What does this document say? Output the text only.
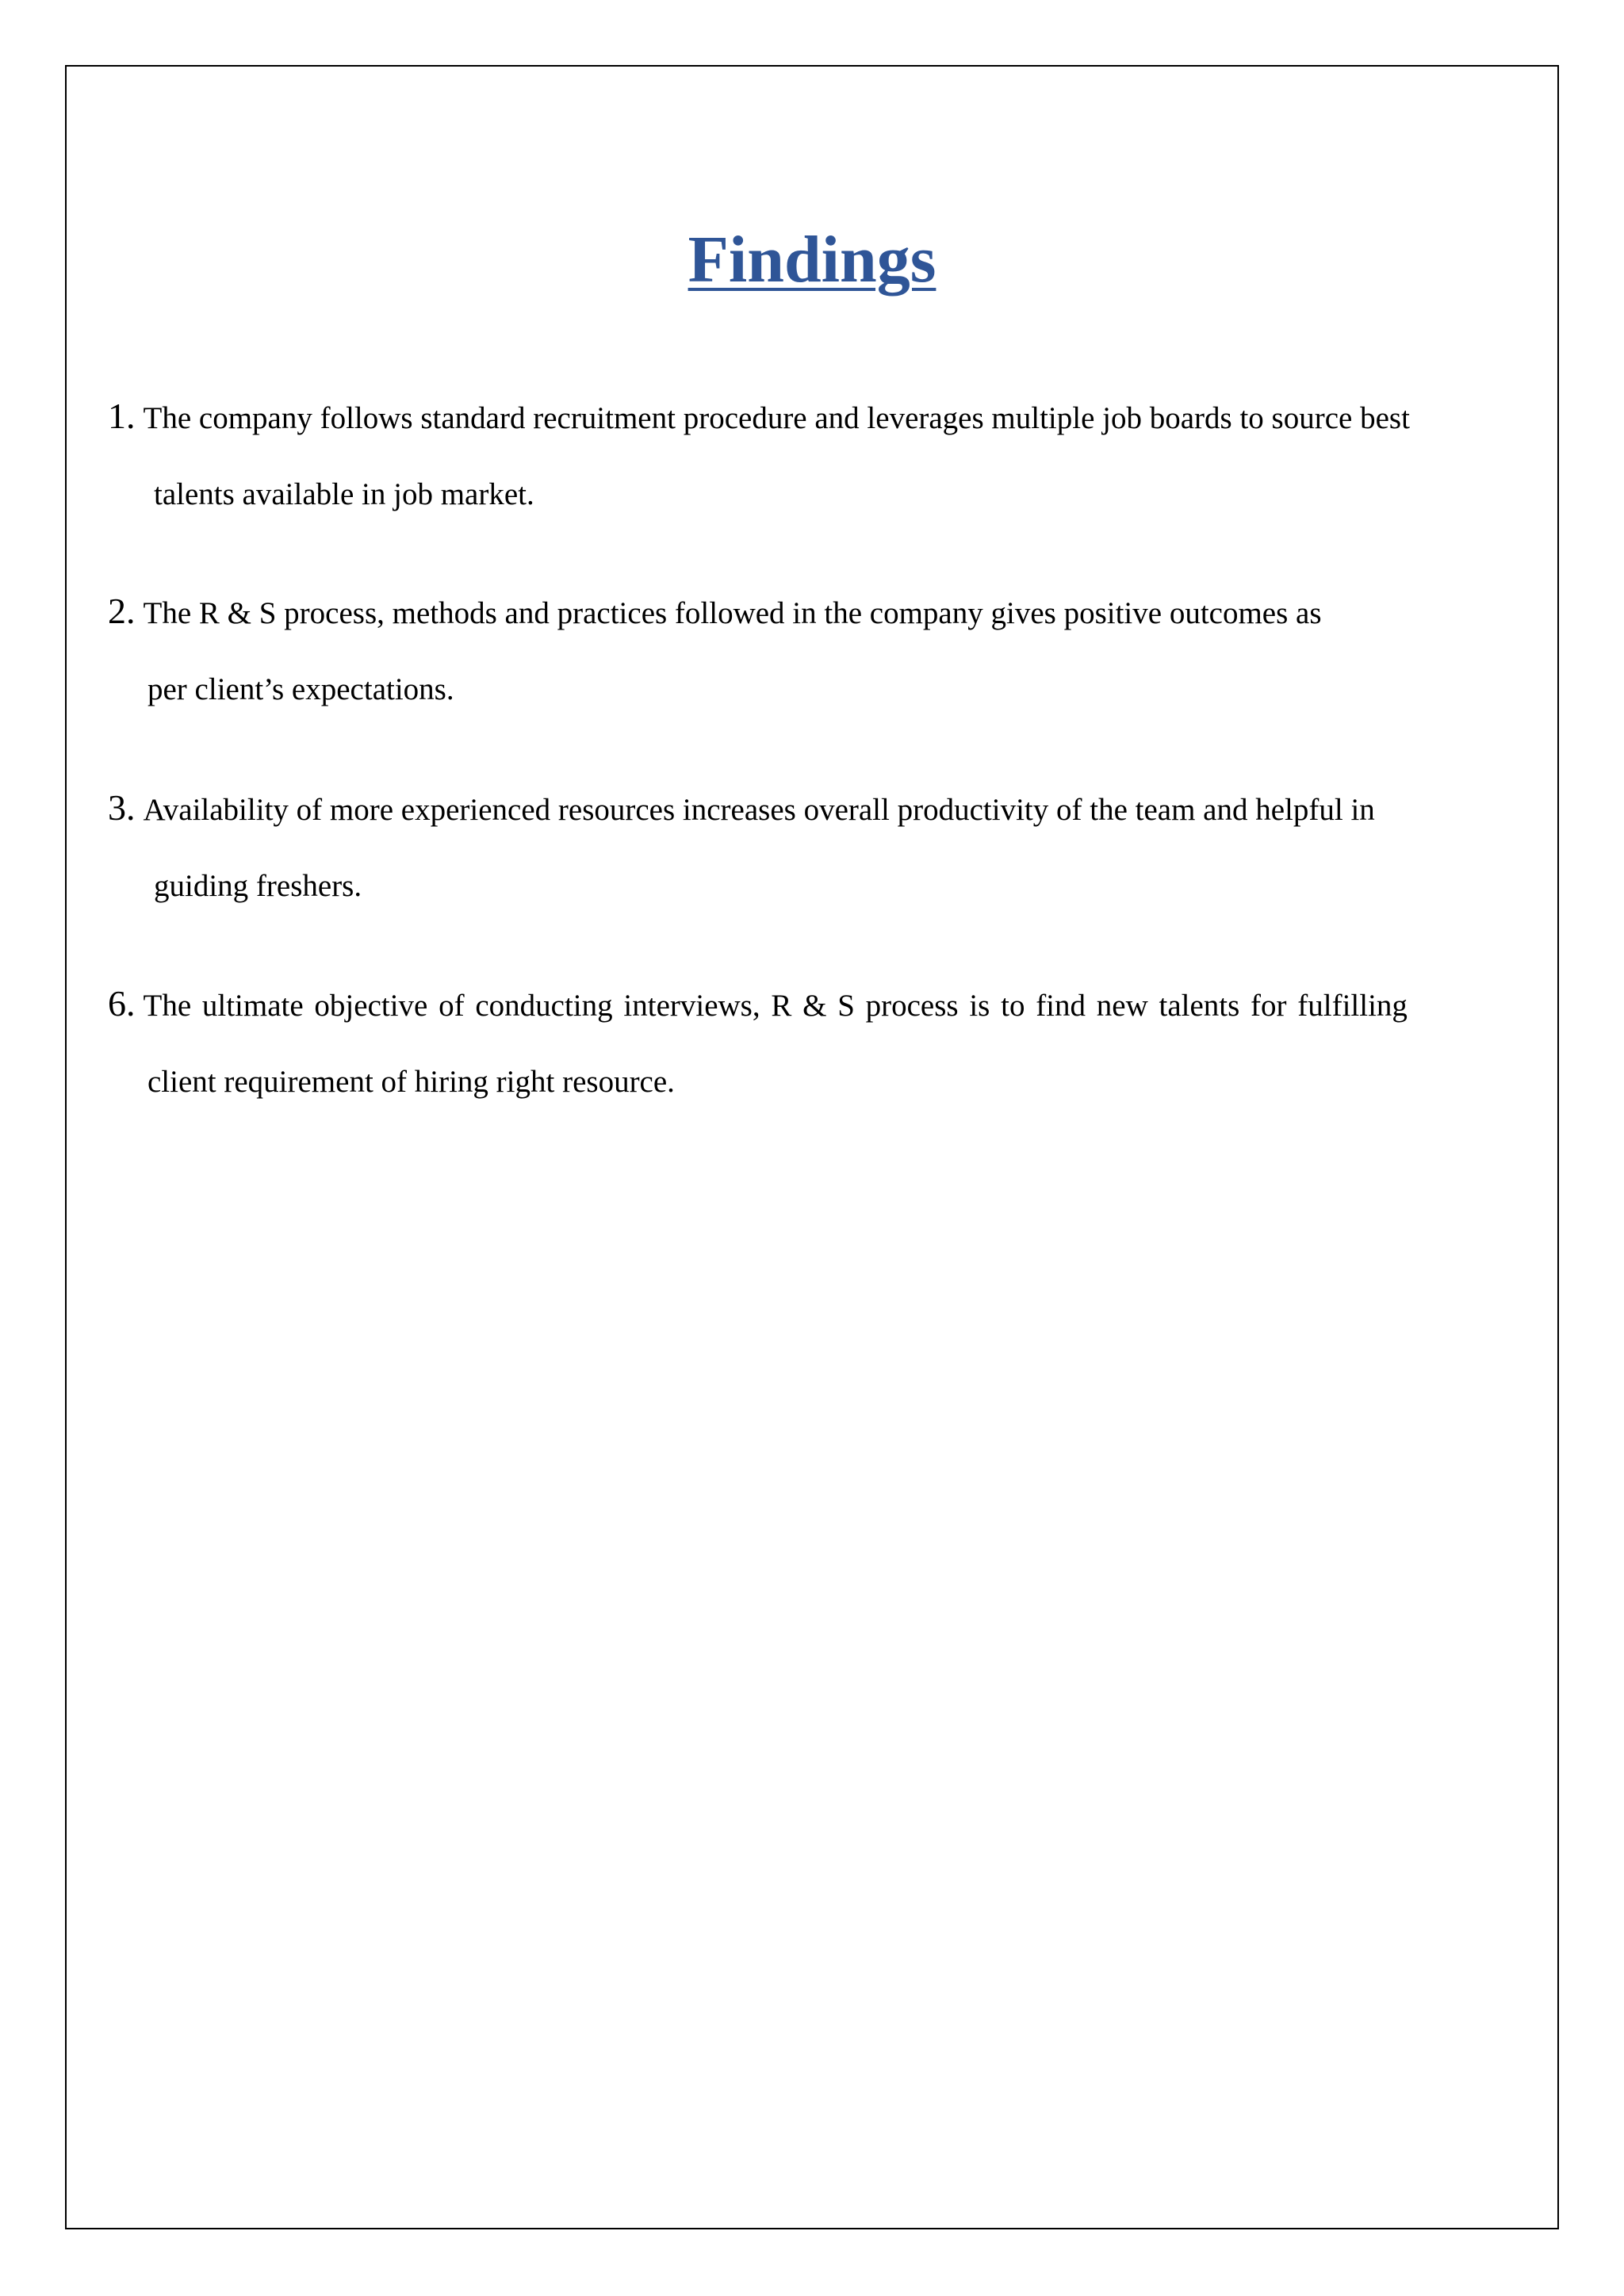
Findings
1. The company follows standard recruitment procedure and leverages multiple job boards to source best
talents available in job market.
2. The R & S process, methods and practices followed in the company gives positive outcomes as
per client’s expectations.
3. Availability of more experienced resources increases overall productivity of the team and helpful in
guiding freshers.
6. The ultimate objective of conducting interviews, R & S process is to find new talents for fulfilling
client requirement of hiring right resource.
